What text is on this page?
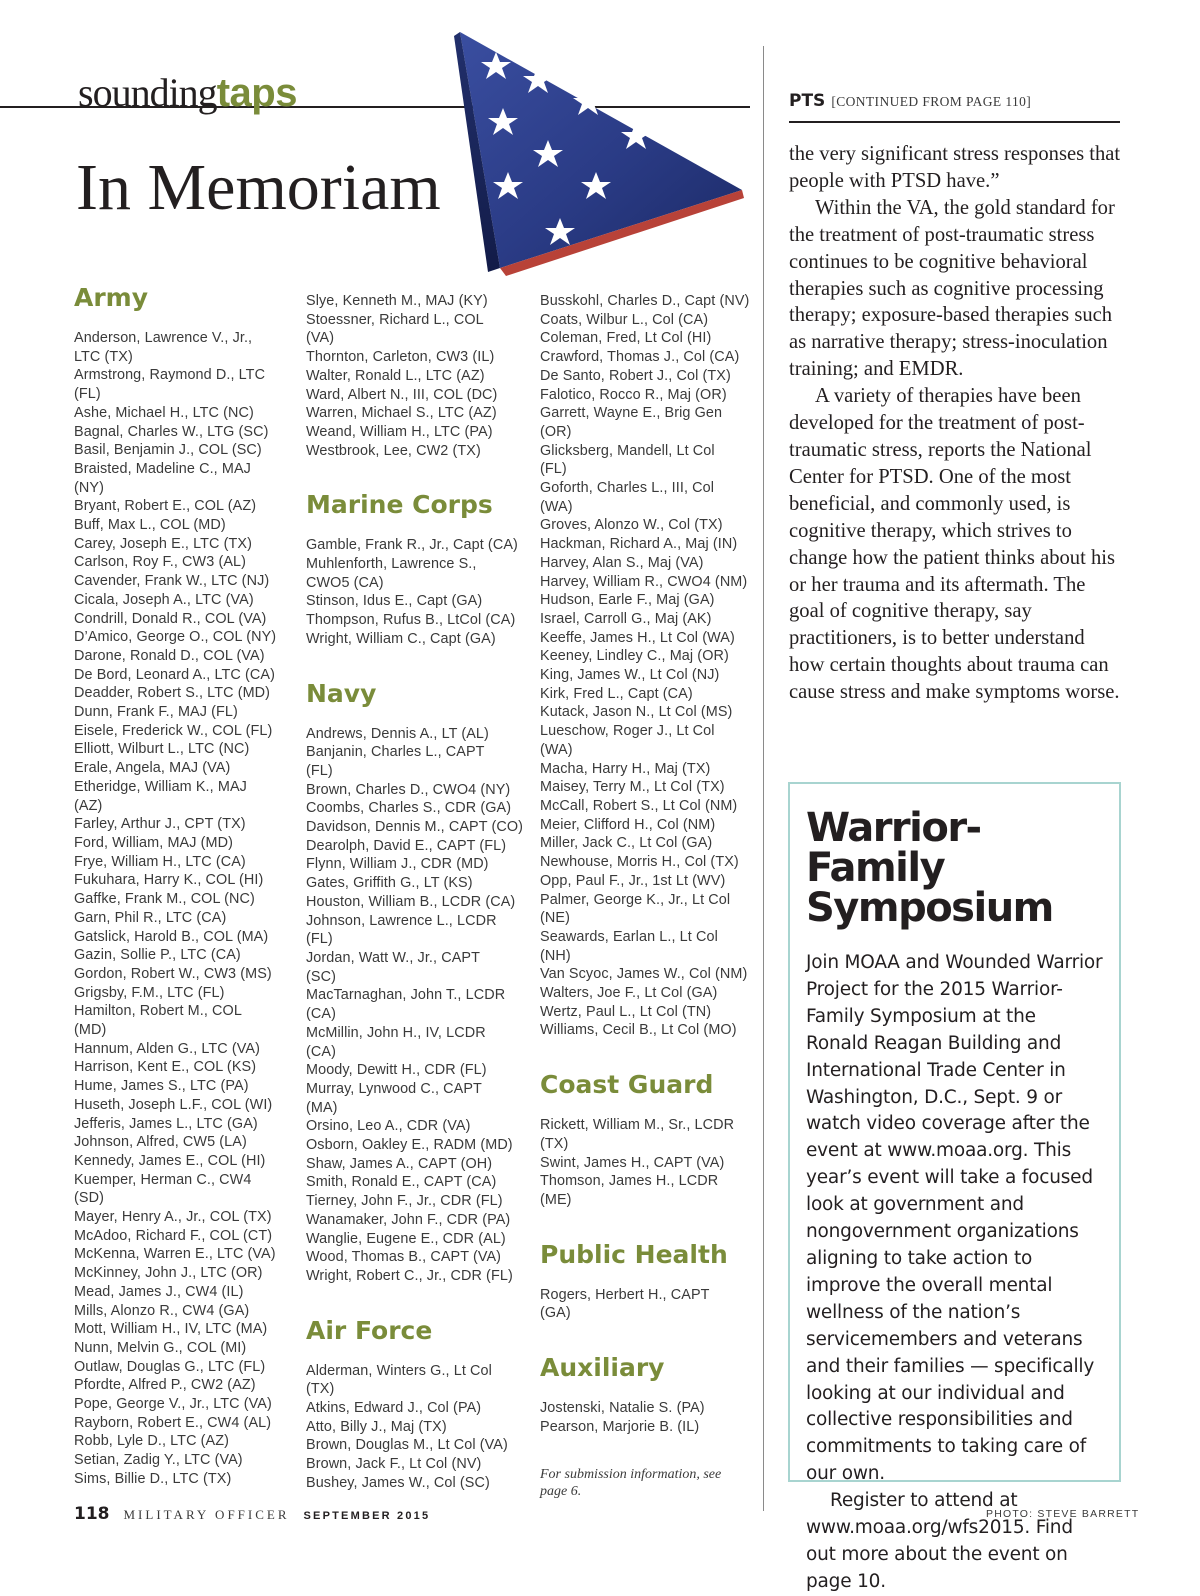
soundingtaps
In Memoriam
Army
Anderson, Lawrence V., Jr.,
LTC (TX)
Armstrong, Raymond D., LTC
(FL)
Ashe, Michael H., LTC (NC)
Bagnal, Charles W., LTG (SC)
Basil, Benjamin J., COL (SC)
Braisted, Madeline C., MAJ
(NY)
Bryant, Robert E., COL (AZ)
Buff, Max L., COL (MD)
Carey, Joseph E., LTC (TX)
Carlson, Roy F., CW3 (AL)
Cavender, Frank W., LTC (NJ)
Cicala, Joseph A., LTC (VA)
Condrill, Donald R., COL (VA)
D’Amico, George O., COL (NY)
Darone, Ronald D., COL (VA)
De Bord, Leonard A., LTC (CA)
Deadder, Robert S., LTC (MD)
Dunn, Frank F., MAJ (FL)
Eisele, Frederick W., COL (FL)
Elliott, Wilburt L., LTC (NC)
Erale, Angela, MAJ (VA)
Etheridge, William K., MAJ
(AZ)
Farley, Arthur J., CPT (TX)
Ford, William, MAJ (MD)
Frye, William H., LTC (CA)
Fukuhara, Harry K., COL (HI)
Gaffke, Frank M., COL (NC)
Garn, Phil R., LTC (CA)
Gatslick, Harold B., COL (MA)
Gazin, Sollie P., LTC (CA)
Gordon, Robert W., CW3 (MS)
Grigsby, F.M., LTC (FL)
Hamilton, Robert M., COL
(MD)
Hannum, Alden G., LTC (VA)
Harrison, Kent E., COL (KS)
Hume, James S., LTC (PA)
Huseth, Joseph L.F., COL (WI)
Jefferis, James L., LTC (GA)
Johnson, Alfred, CW5 (LA)
Kennedy, James E., COL (HI)
Kuemper, Herman C., CW4
(SD)
Mayer, Henry A., Jr., COL (TX)
McAdoo, Richard F., COL (CT)
McKenna, Warren E., LTC (VA)
McKinney, John J., LTC (OR)
Mead, James J., CW4 (IL)
Mills, Alonzo R., CW4 (GA)
Mott, William H., IV, LTC (MA)
Nunn, Melvin G., COL (MI)
Outlaw, Douglas G., LTC (FL)
Pfordte, Alfred P., CW2 (AZ)
Pope, George V., Jr., LTC (VA)
Rayborn, Robert E., CW4 (AL)
Robb, Lyle D., LTC (AZ)
Setian, Zadig Y., LTC (VA)
Sims, Billie D., LTC (TX)
Slye, Kenneth M., MAJ (KY)
Stoessner, Richard L., COL
(VA)
Thornton, Carleton, CW3 (IL)
Walter, Ronald L., LTC (AZ)
Ward, Albert N., III, COL (DC)
Warren, Michael S., LTC (AZ)
Weand, William H., LTC (PA)
Westbrook, Lee, CW2 (TX)
Marine Corps
Gamble, Frank R., Jr., Capt (CA)
Muhlenforth, Lawrence S.,
CWO5 (CA)
Stinson, Idus E., Capt (GA)
Thompson, Rufus B., LtCol (CA)
Wright, William C., Capt (GA)
Navy
Andrews, Dennis A., LT (AL)
Banjanin, Charles L., CAPT
(FL)
Brown, Charles D., CWO4 (NY)
Coombs, Charles S., CDR (GA)
Davidson, Dennis M., CAPT (CO)
Dearolph, David E., CAPT (FL)
Flynn, William J., CDR (MD)
Gates, Griffith G., LT (KS)
Houston, William B., LCDR (CA)
Johnson, Lawrence L., LCDR
(FL)
Jordan, Watt W., Jr., CAPT
(SC)
MacTarnaghan, John T., LCDR
(CA)
McMillin, John H., IV, LCDR
(CA)
Moody, Dewitt H., CDR (FL)
Murray, Lynwood C., CAPT
(MA)
Orsino, Leo A., CDR (VA)
Osborn, Oakley E., RADM (MD)
Shaw, James A., CAPT (OH)
Smith, Ronald E., CAPT (CA)
Tierney, John F., Jr., CDR (FL)
Wanamaker, John F., CDR (PA)
Wanglie, Eugene E., CDR (AL)
Wood, Thomas B., CAPT (VA)
Wright, Robert C., Jr., CDR (FL)
Air Force
Alderman, Winters G., Lt Col
(TX)
Atkins, Edward J., Col (PA)
Atto, Billy J., Maj (TX)
Brown, Douglas M., Lt Col (VA)
Brown, Jack F., Lt Col (NV)
Bushey, James W., Col (SC)
Busskohl, Charles D., Capt (NV)
Coats, Wilbur L., Col (CA)
Coleman, Fred, Lt Col (HI)
Crawford, Thomas J., Col (CA)
De Santo, Robert J., Col (TX)
Falotico, Rocco R., Maj (OR)
Garrett, Wayne E., Brig Gen
(OR)
Glicksberg, Mandell, Lt Col
(FL)
Goforth, Charles L., III, Col
(WA)
Groves, Alonzo W., Col (TX)
Hackman, Richard A., Maj (IN)
Harvey, Alan S., Maj (VA)
Harvey, William R., CWO4 (NM)
Hudson, Earle F., Maj (GA)
Israel, Carroll G., Maj (AK)
Keeffe, James H., Lt Col (WA)
Keeney, Lindley C., Maj (OR)
King, James W., Lt Col (NJ)
Kirk, Fred L., Capt (CA)
Kutack, Jason N., Lt Col (MS)
Lueschow, Roger J., Lt Col
(WA)
Macha, Harry H., Maj (TX)
Maisey, Terry M., Lt Col (TX)
McCall, Robert S., Lt Col (NM)
Meier, Clifford H., Col (NM)
Miller, Jack C., Lt Col (GA)
Newhouse, Morris H., Col (TX)
Opp, Paul F., Jr., 1st Lt (WV)
Palmer, George K., Jr., Lt Col
(NE)
Seawards, Earlan L., Lt Col
(NH)
Van Scyoc, James W., Col (NM)
Walters, Joe F., Lt Col (GA)
Wertz, Paul L., Lt Col (TN)
Williams, Cecil B., Lt Col (MO)
Coast Guard
Rickett, William M., Sr., LCDR
(TX)
Swint, James H., CAPT (VA)
Thomson, James H., LCDR
(ME)
Public Health
Rogers, Herbert H., CAPT
(GA)
Auxiliary
Jostenski, Natalie S. (PA)
Pearson, Marjorie B. (IL)

For submission information, see page 6.

PTS [CONTINUED FROM PAGE 110]

the very significant stress responses that people with PTSD have.”

Within the VA, the gold standard for the treatment of post-traumatic stress continues to be cognitive behavioral therapies such as cognitive processing therapy; exposure-based therapies such as narrative therapy; stress-inoculation training; and EMDR.

A variety of therapies have been developed for the treatment of post-traumatic stress, reports the National Center for PTSD. One of the most beneficial, and commonly used, is cognitive therapy, which strives to change how the patient thinks about his or her trauma and its aftermath. The goal of cognitive therapy, say practitioners, is to better understand how certain thoughts about trauma can cause stress and make symptoms worse.

Warrior-Family
Symposium

Join MOAA and Wounded Warrior Project for the 2015 Warrior-Family Symposium at the Ronald Reagan Building and International Trade Center in Washington, D.C., Sept. 9 or watch video coverage after the event at www.moaa.org. This year’s event will take a focused look at government and nongovernment organizations aligning to take action to improve the overall mental wellness of the nation’s servicemembers and veterans and their families — specifically looking at our individual and collective responsibilities and commitments to taking care of our own.

Register to attend at www.moaa.org/wfs2015. Find out more about the event on page 10.

118 MILITARY OFFICER SEPTEMBER 2015	PHOTO: STEVE BARRETT
